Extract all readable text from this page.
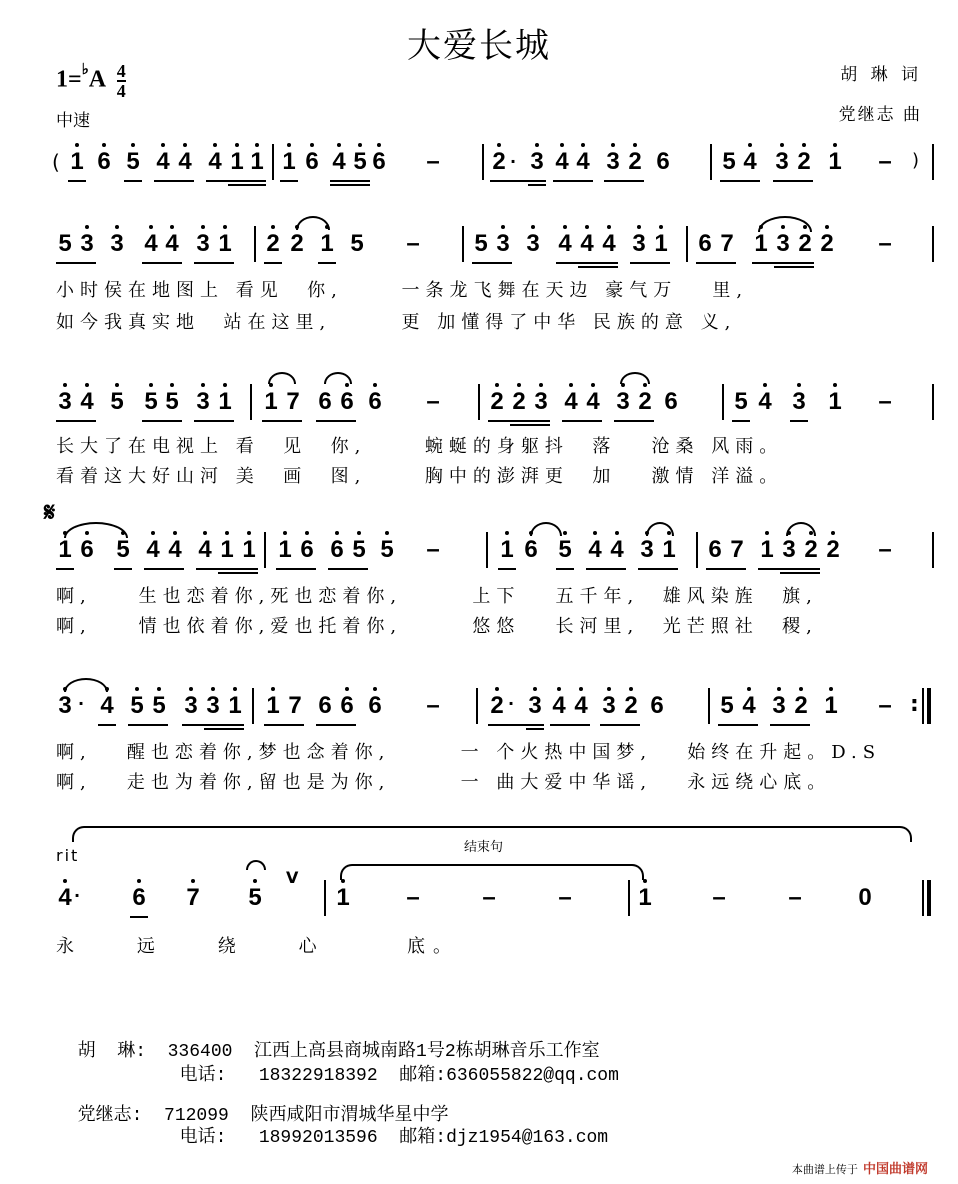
大爱长城
$1=^♭A \frac{4}{4}$
中速
胡 琳 词
党继志 曲
( 1 6 5 4 4 4 1 1 1 6 4 5 6 – 2 · 3 4 4 3 2 6 5 4 3 2 1 – )
5 3 3 4 4 3 1 2 2 1 5 – 5 3 3 4 4 4 3 1 6 7 1 3 2 2 –
小时侯在地图上 看见  你,     一条龙飞舞在天边 豪气万   里,
如今我真实地  站在这里,      更 加懂得了中华 民族的意 义,
3 4 5 5 5 3 1 1 7 6 6 6 – 2 2 3 4 4 3 2 6 5 4 3 1 –
长大了在电视上 看  见  你,     蜿蜒的身躯抖  落   沧桑 风雨。
看着这大好山河 美  画  图,     胸中的澎湃更  加   激情 洋溢。
𝄋
1 6 5 4 4 4 1 1 1 6 6 5 5 –	1 6 5 4 4 3 1 6 7 1 3 2 2 –
啊,    生也恋着你,死也恋着你,      上下   五千年,  雄风染旌  旗,
啊,    情也依着你,爱也托着你,      悠悠   长河里,  光芒照社  稷,
3 · 4 5 5 3 3 1 1 7 6 6 6 – 2 · 3 4 4 3 2 6 5 4 3 2 1 – :
啊,   醒也恋着你,梦也念着你,      一 个火热中国梦,   始终在升起。D.S
啊,   走也为着你,留也是为你,      一 曲大爱中华谣,   永远绕心底。
rit	结束句
4 · 6 7 5
V
1 –	–	–	1	–	– 0
永    远    绕    心      底。

胡  琳: 336400 江西上高县商城南路1号2栋胡琳音乐工作室

电话: 18322918392 邮箱:636055822@qq.com

党继志: 712099 陕西咸阳市渭城华星中学

电话: 18992013596 邮箱:djz1954@163.com

本曲谱上传于 中国曲谱网
